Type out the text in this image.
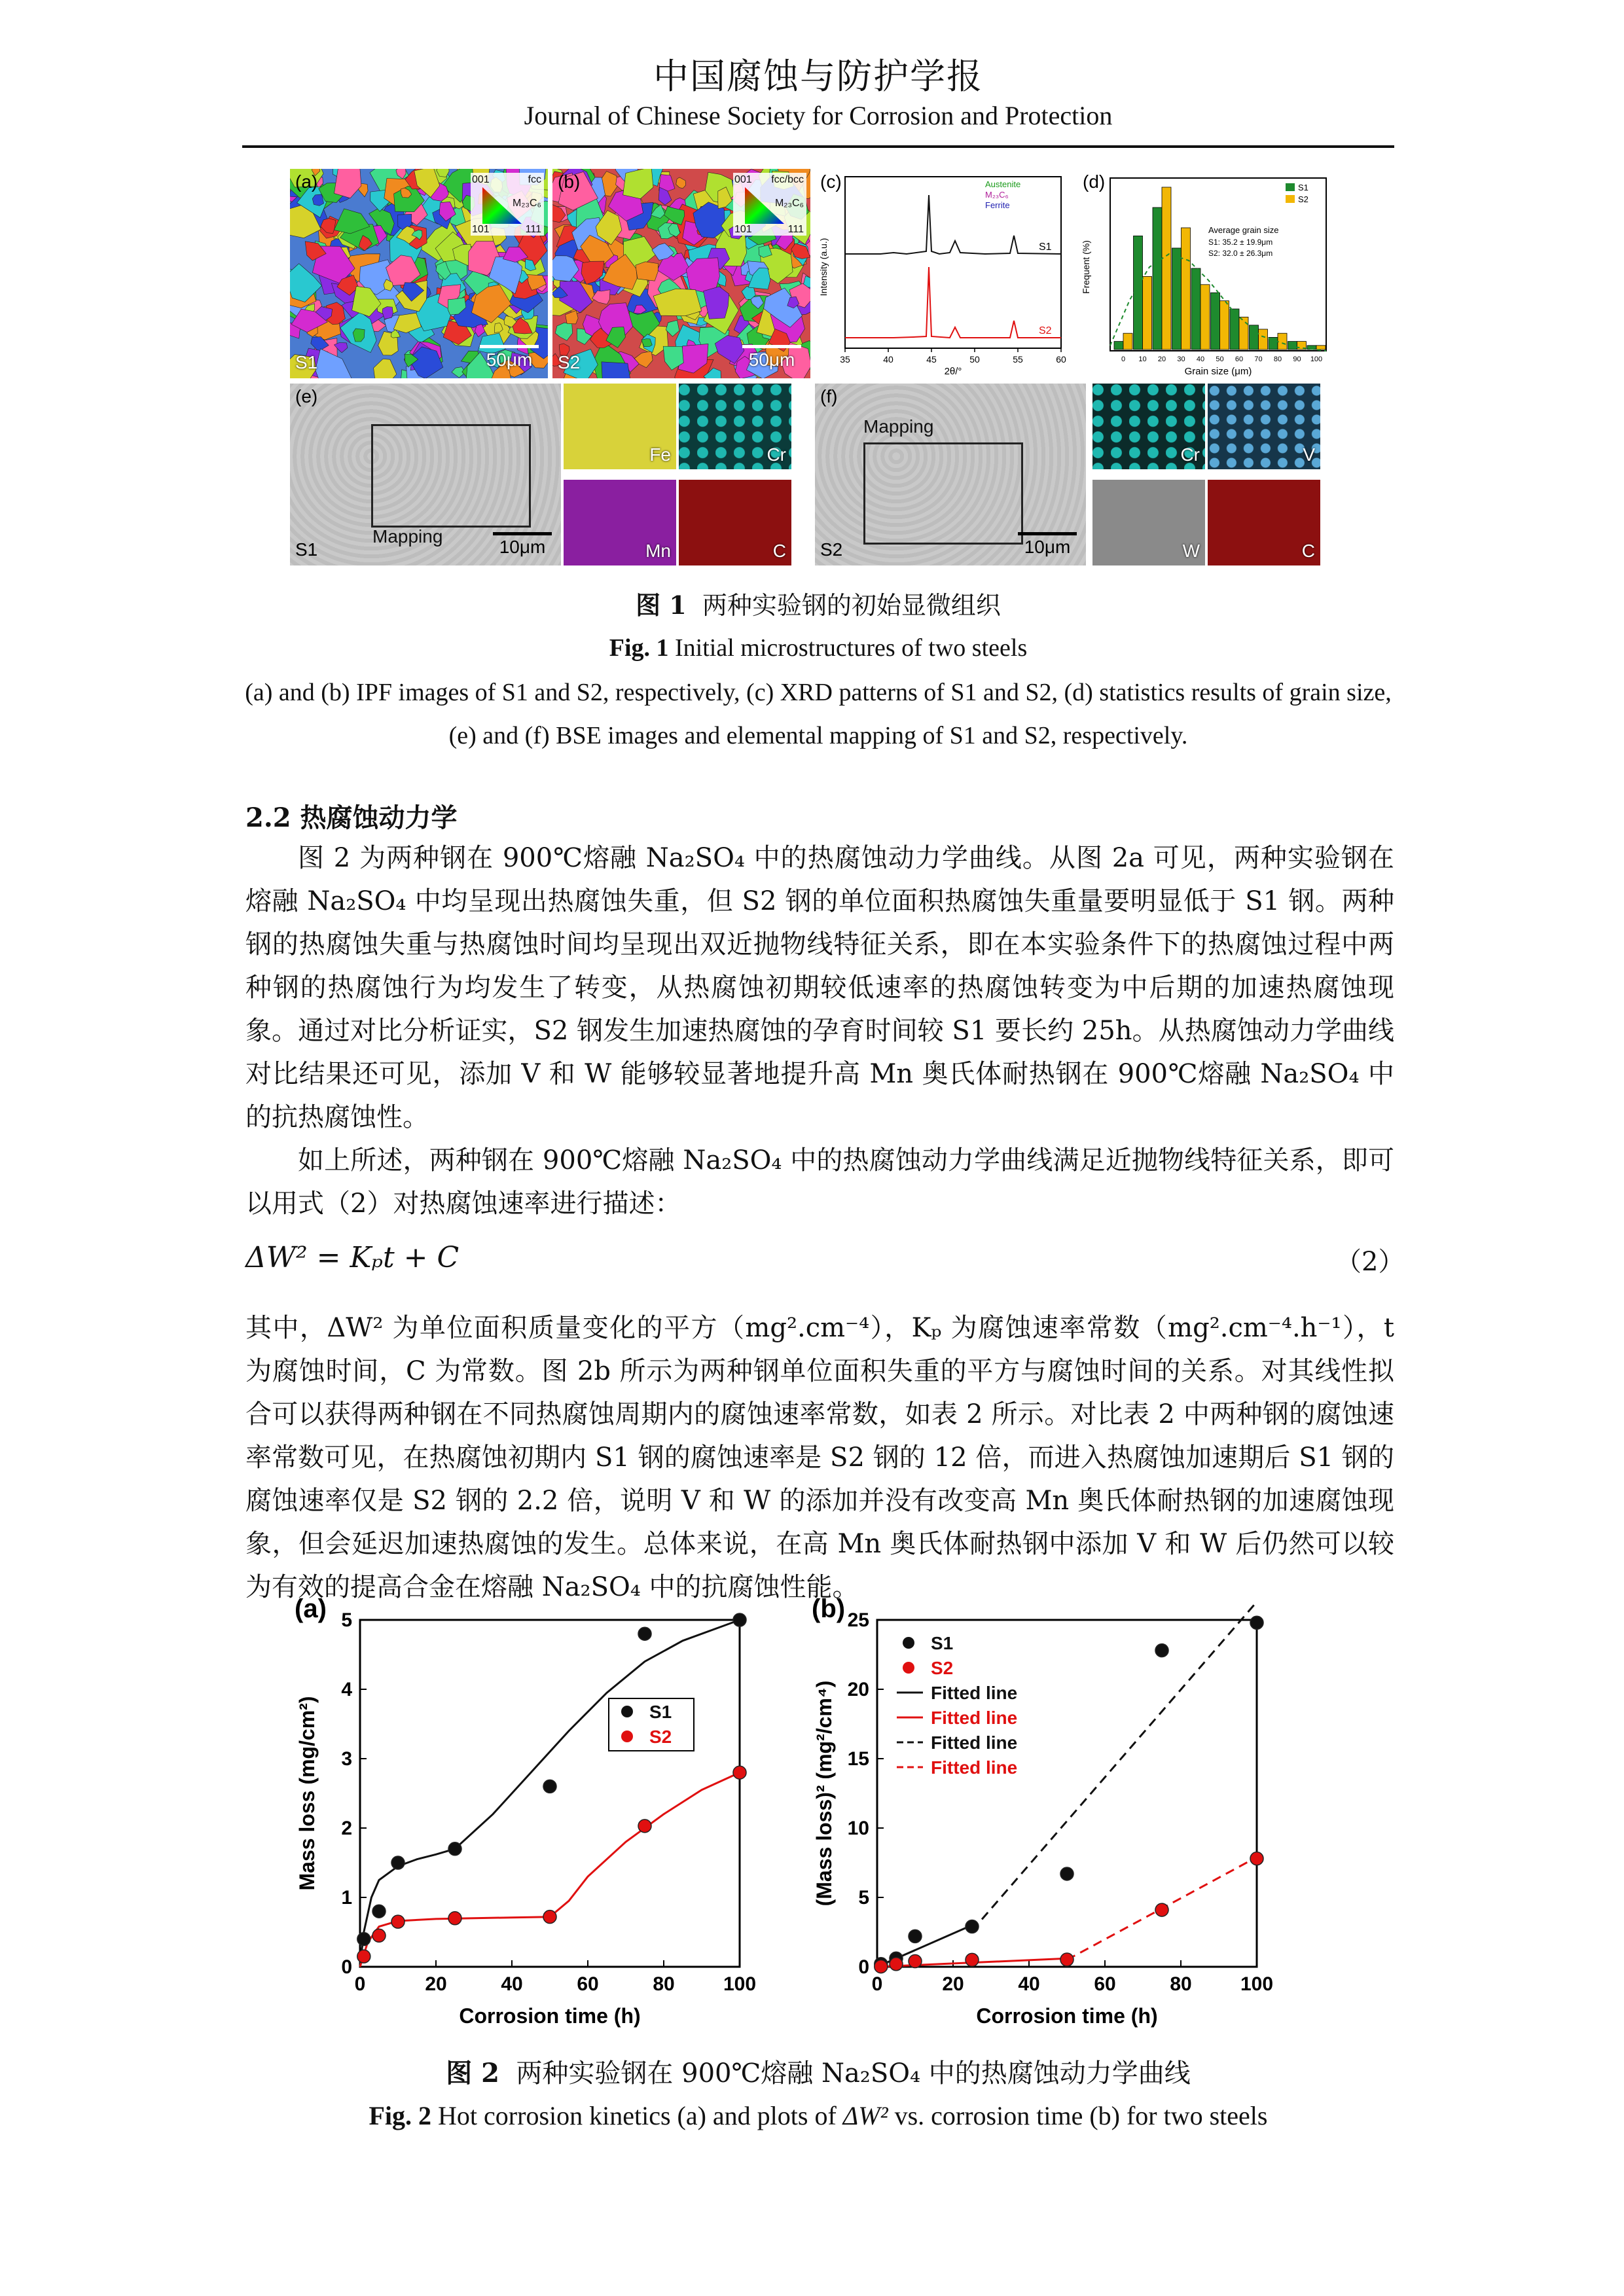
中国腐蚀与防护学报
Journal of Chinese Society for Corrosion and Protection
(a)	001	fcc
M₂₃C₆
101	111
S1	50μm
(b)	001 fcc/bcc
M₂₃C₆
101	111
S2	50μm
S1
S2
Intensity (a.u.)
2θ/°
35	40	45	50	55	60
Austenite
M₂₃C₆
Ferrite
(c)
0 10 20 30 40 50 60 70 80 90 100
Frequent (%)
Grain size (μm)
S1
S2
Average grain size
S1: 35.2 ± 19.9μm
S2: 32.0 ± 26.3μm
(d)
(e)
Mapping
S1	10μm
Fe	Cr
Mn	C
(f)
Mapping
S2	10μm
Cr	V
W	C
图 1 两种实验钢的初始显微组织
Fig. 1 Initial microstructures of two steels
(a) and (b) IPF images of S1 and S2, respectively, (c) XRD patterns of S1 and S2, (d) statistics results of grain size, (e) and (f) BSE images and elemental mapping of S1 and S2, respectively.
2.2 热腐蚀动力学
图 2 为两种钢在 900℃熔融 Na₂SO₄ 中的热腐蚀动力学曲线。从图 2a 可见，两种实验钢在熔融 Na₂SO₄ 中均呈现出热腐蚀失重，但 S2 钢的单位面积热腐蚀失重量要明显低于 S1 钢。两种钢的热腐蚀失重与热腐蚀时间均呈现出双近抛物线特征关系，即在本实验条件下的热腐蚀过程中两种钢的热腐蚀行为均发生了转变，从热腐蚀初期较低速率的热腐蚀转变为中后期的加速热腐蚀现象。通过对比分析证实，S2 钢发生加速热腐蚀的孕育时间较 S1 要长约 25h。从热腐蚀动力学曲线对比结果还可见，添加 V 和 W 能够较显著地提升高 Mn 奥氏体耐热钢在 900℃熔融 Na₂SO₄ 中的抗热腐蚀性。
如上所述，两种钢在 900℃熔融 Na₂SO₄ 中的热腐蚀动力学曲线满足近抛物线特征关系，即可以用式（2）对热腐蚀速率进行描述：
ΔW² = Kₚt + C	（2）
其中，ΔW² 为单位面积质量变化的平方（mg².cm⁻⁴），Kₚ 为腐蚀速率常数（mg².cm⁻⁴.h⁻¹），t 为腐蚀时间，C 为常数。图 2b 所示为两种钢单位面积失重的平方与腐蚀时间的关系。对其线性拟合可以获得两种钢在不同热腐蚀周期内的腐蚀速率常数，如表 2 所示。对比表 2 中两种钢的腐蚀速率常数可见，在热腐蚀初期内 S1 钢的腐蚀速率是 S2 钢的 12 倍，而进入热腐蚀加速期后 S1 钢的腐蚀速率仅是 S2 钢的 2.2 倍，说明 V 和 W 的添加并没有改变高 Mn 奥氏体耐热钢的加速腐蚀现象，但会延迟加速热腐蚀的发生。总体来说，在高 Mn 奥氏体耐热钢中添加 V 和 W 后仍然可以较为有效的提高合金在熔融 Na₂SO₄ 中的抗腐蚀性能。
(a)
0	20	40	60	80 100
0
1
2
3
4
5
Corrosion time (h)
Mass loss (mg/cm²)	S1
S2
(b)
0	20	40	60	80 100
0
5
10
15
20
25
Corrosion time (h)
(Mass loss)² (mg²/cm⁴)
S1
S2
Fitted line
Fitted line
Fitted line
Fitted line
图 2 两种实验钢在 900℃熔融 Na₂SO₄ 中的热腐蚀动力学曲线
Fig. 2 Hot corrosion kinetics (a) and plots of ΔW² vs. corrosion time (b) for two steels
